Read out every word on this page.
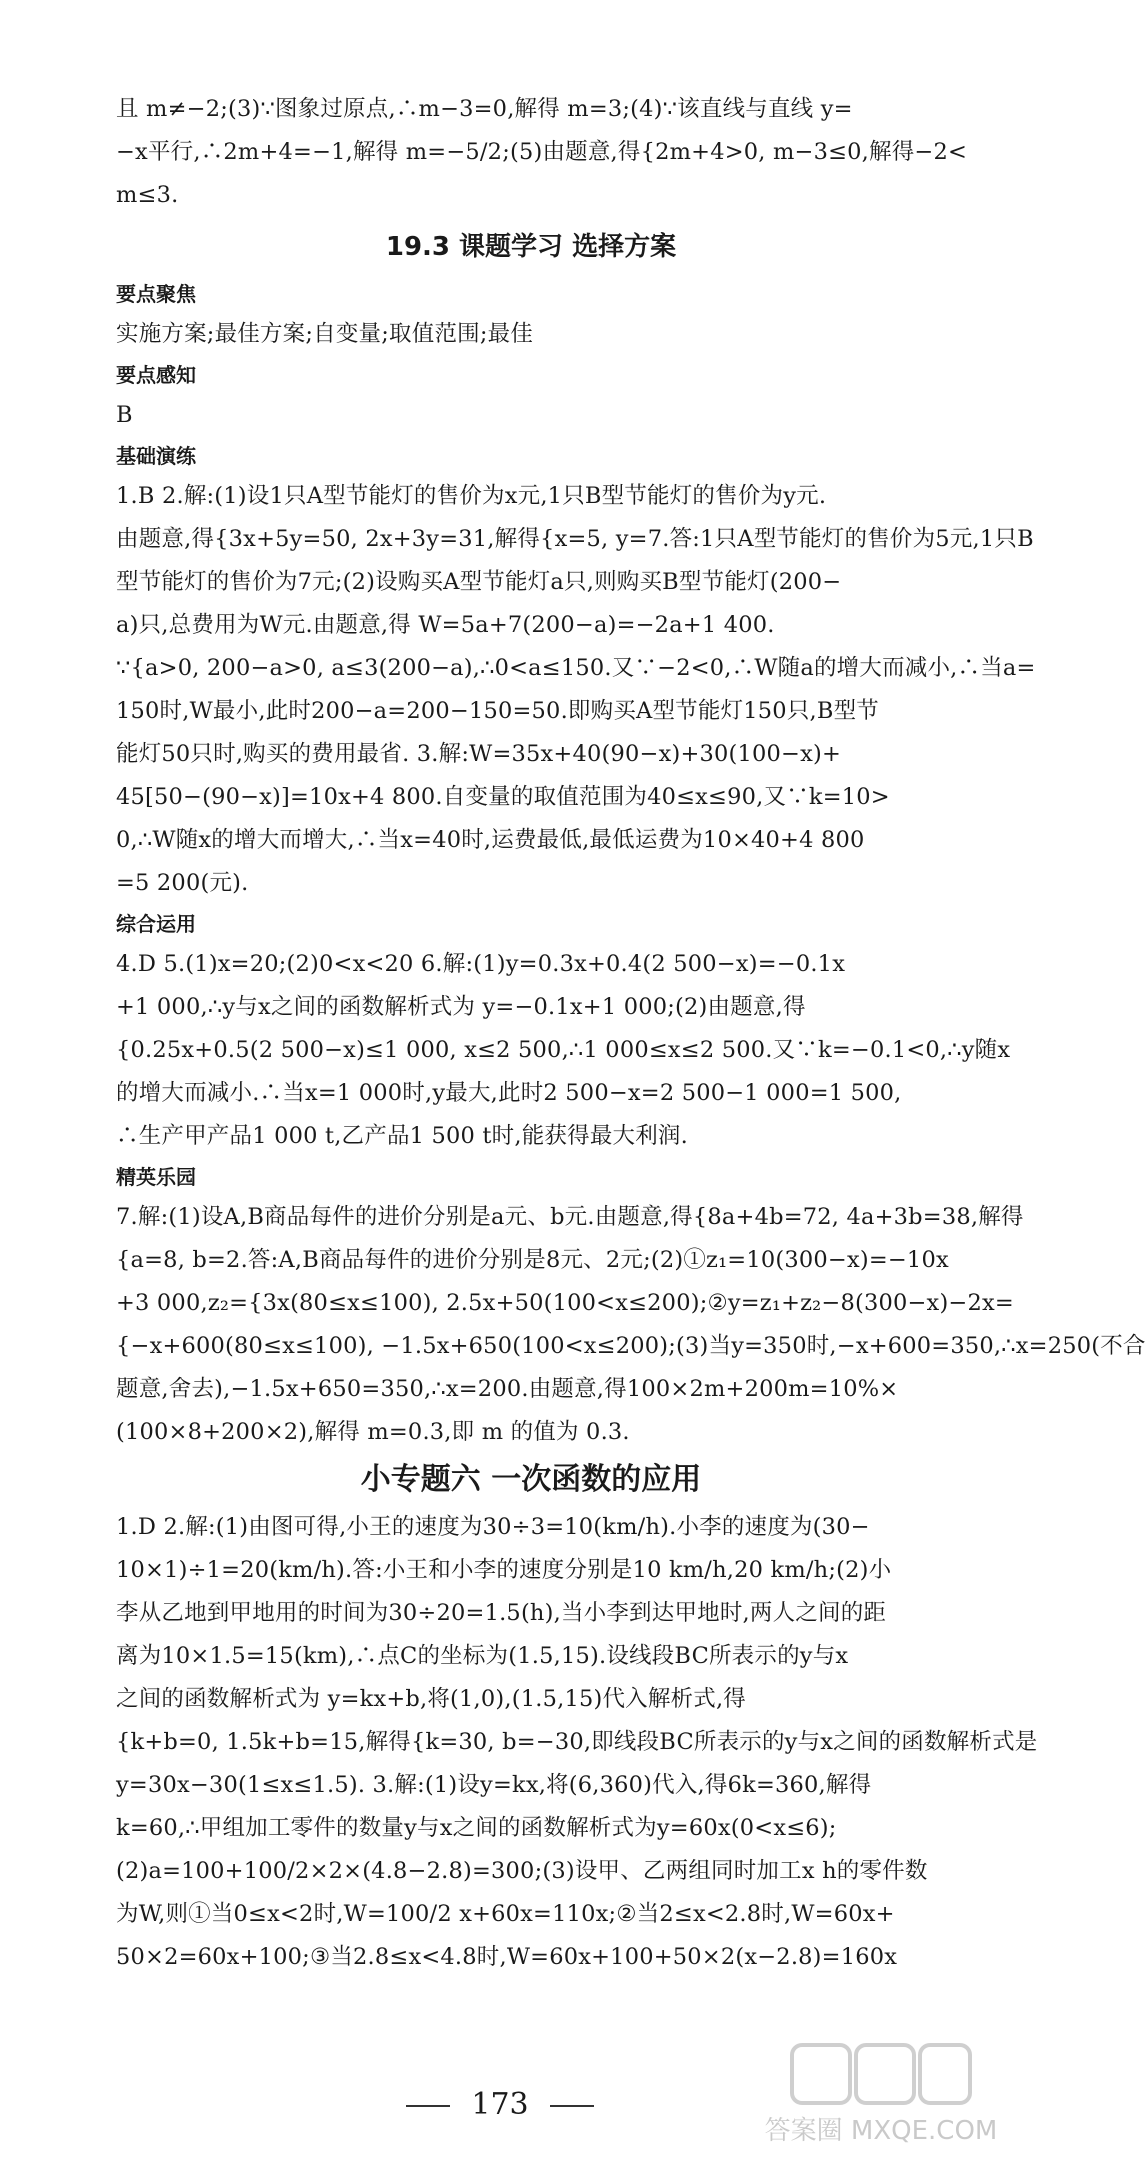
且 m≠−2;(3)∵图象过原点,∴m−3=0,解得 m=3;(4)∵该直线与直线 y=

−x平行,∴2m+4=−1,解得 m=−5/2;(5)由题意,得{2m+4>0, m−3≤0,解得−2<

m≤3.

19.3 课题学习 选择方案

要点聚焦

实施方案;最佳方案;自变量;取值范围;最佳

要点感知

B

基础演练

1.B 2.解:(1)设1只A型节能灯的售价为x元,1只B型节能灯的售价为y元.

由题意,得{3x+5y=50, 2x+3y=31,解得{x=5, y=7.答:1只A型节能灯的售价为5元,1只B

型节能灯的售价为7元;(2)设购买A型节能灯a只,则购买B型节能灯(200−

a)只,总费用为W元.由题意,得 W=5a+7(200−a)=−2a+1 400.

∵{a>0, 200−a>0, a≤3(200−a),∴0<a≤150.又∵−2<0,∴W随a的增大而减小,∴当a=

150时,W最小,此时200−a=200−150=50.即购买A型节能灯150只,B型节

能灯50只时,购买的费用最省. 3.解:W=35x+40(90−x)+30(100−x)+

45[50−(90−x)]=10x+4 800.自变量的取值范围为40≤x≤90,又∵k=10>

0,∴W随x的增大而增大,∴当x=40时,运费最低,最低运费为10×40+4 800

=5 200(元).

综合运用

4.D 5.(1)x=20;(2)0<x<20 6.解:(1)y=0.3x+0.4(2 500−x)=−0.1x

+1 000,∴y与x之间的函数解析式为 y=−0.1x+1 000;(2)由题意,得

{0.25x+0.5(2 500−x)≤1 000, x≤2 500,∴1 000≤x≤2 500.又∵k=−0.1<0,∴y随x

的增大而减小.∴当x=1 000时,y最大,此时2 500−x=2 500−1 000=1 500,

∴生产甲产品1 000 t,乙产品1 500 t时,能获得最大利润.

精英乐园

7.解:(1)设A,B商品每件的进价分别是a元、b元.由题意,得{8a+4b=72, 4a+3b=38,解得

{a=8, b=2.答:A,B商品每件的进价分别是8元、2元;(2)①z₁=10(300−x)=−10x

+3 000,z₂={3x(80≤x≤100), 2.5x+50(100<x≤200);②y=z₁+z₂−8(300−x)−2x=

{−x+600(80≤x≤100), −1.5x+650(100<x≤200);(3)当y=350时,−x+600=350,∴x=250(不合

题意,舍去),−1.5x+650=350,∴x=200.由题意,得100×2m+200m=10%×

(100×8+200×2),解得 m=0.3,即 m 的值为 0.3.

小专题六 一次函数的应用

1.D 2.解:(1)由图可得,小王的速度为30÷3=10(km/h).小李的速度为(30−

10×1)÷1=20(km/h).答:小王和小李的速度分别是10 km/h,20 km/h;(2)小

李从乙地到甲地用的时间为30÷20=1.5(h),当小李到达甲地时,两人之间的距

离为10×1.5=15(km),∴点C的坐标为(1.5,15).设线段BC所表示的y与x

之间的函数解析式为 y=kx+b,将(1,0),(1.5,15)代入解析式,得

{k+b=0, 1.5k+b=15,解得{k=30, b=−30,即线段BC所表示的y与x之间的函数解析式是

y=30x−30(1≤x≤1.5). 3.解:(1)设y=kx,将(6,360)代入,得6k=360,解得

k=60,∴甲组加工零件的数量y与x之间的函数解析式为y=60x(0<x≤6);

(2)a=100+100/2×2×(4.8−2.8)=300;(3)设甲、乙两组同时加工x h的零件数

为W,则①当0≤x<2时,W=100/2 x+60x=110x;②当2≤x<2.8时,W=60x+

50×2=60x+100;③当2.8≤x<4.8时,W=60x+100+50×2(x−2.8)=160x

173
答案圈 MXQE.COM
